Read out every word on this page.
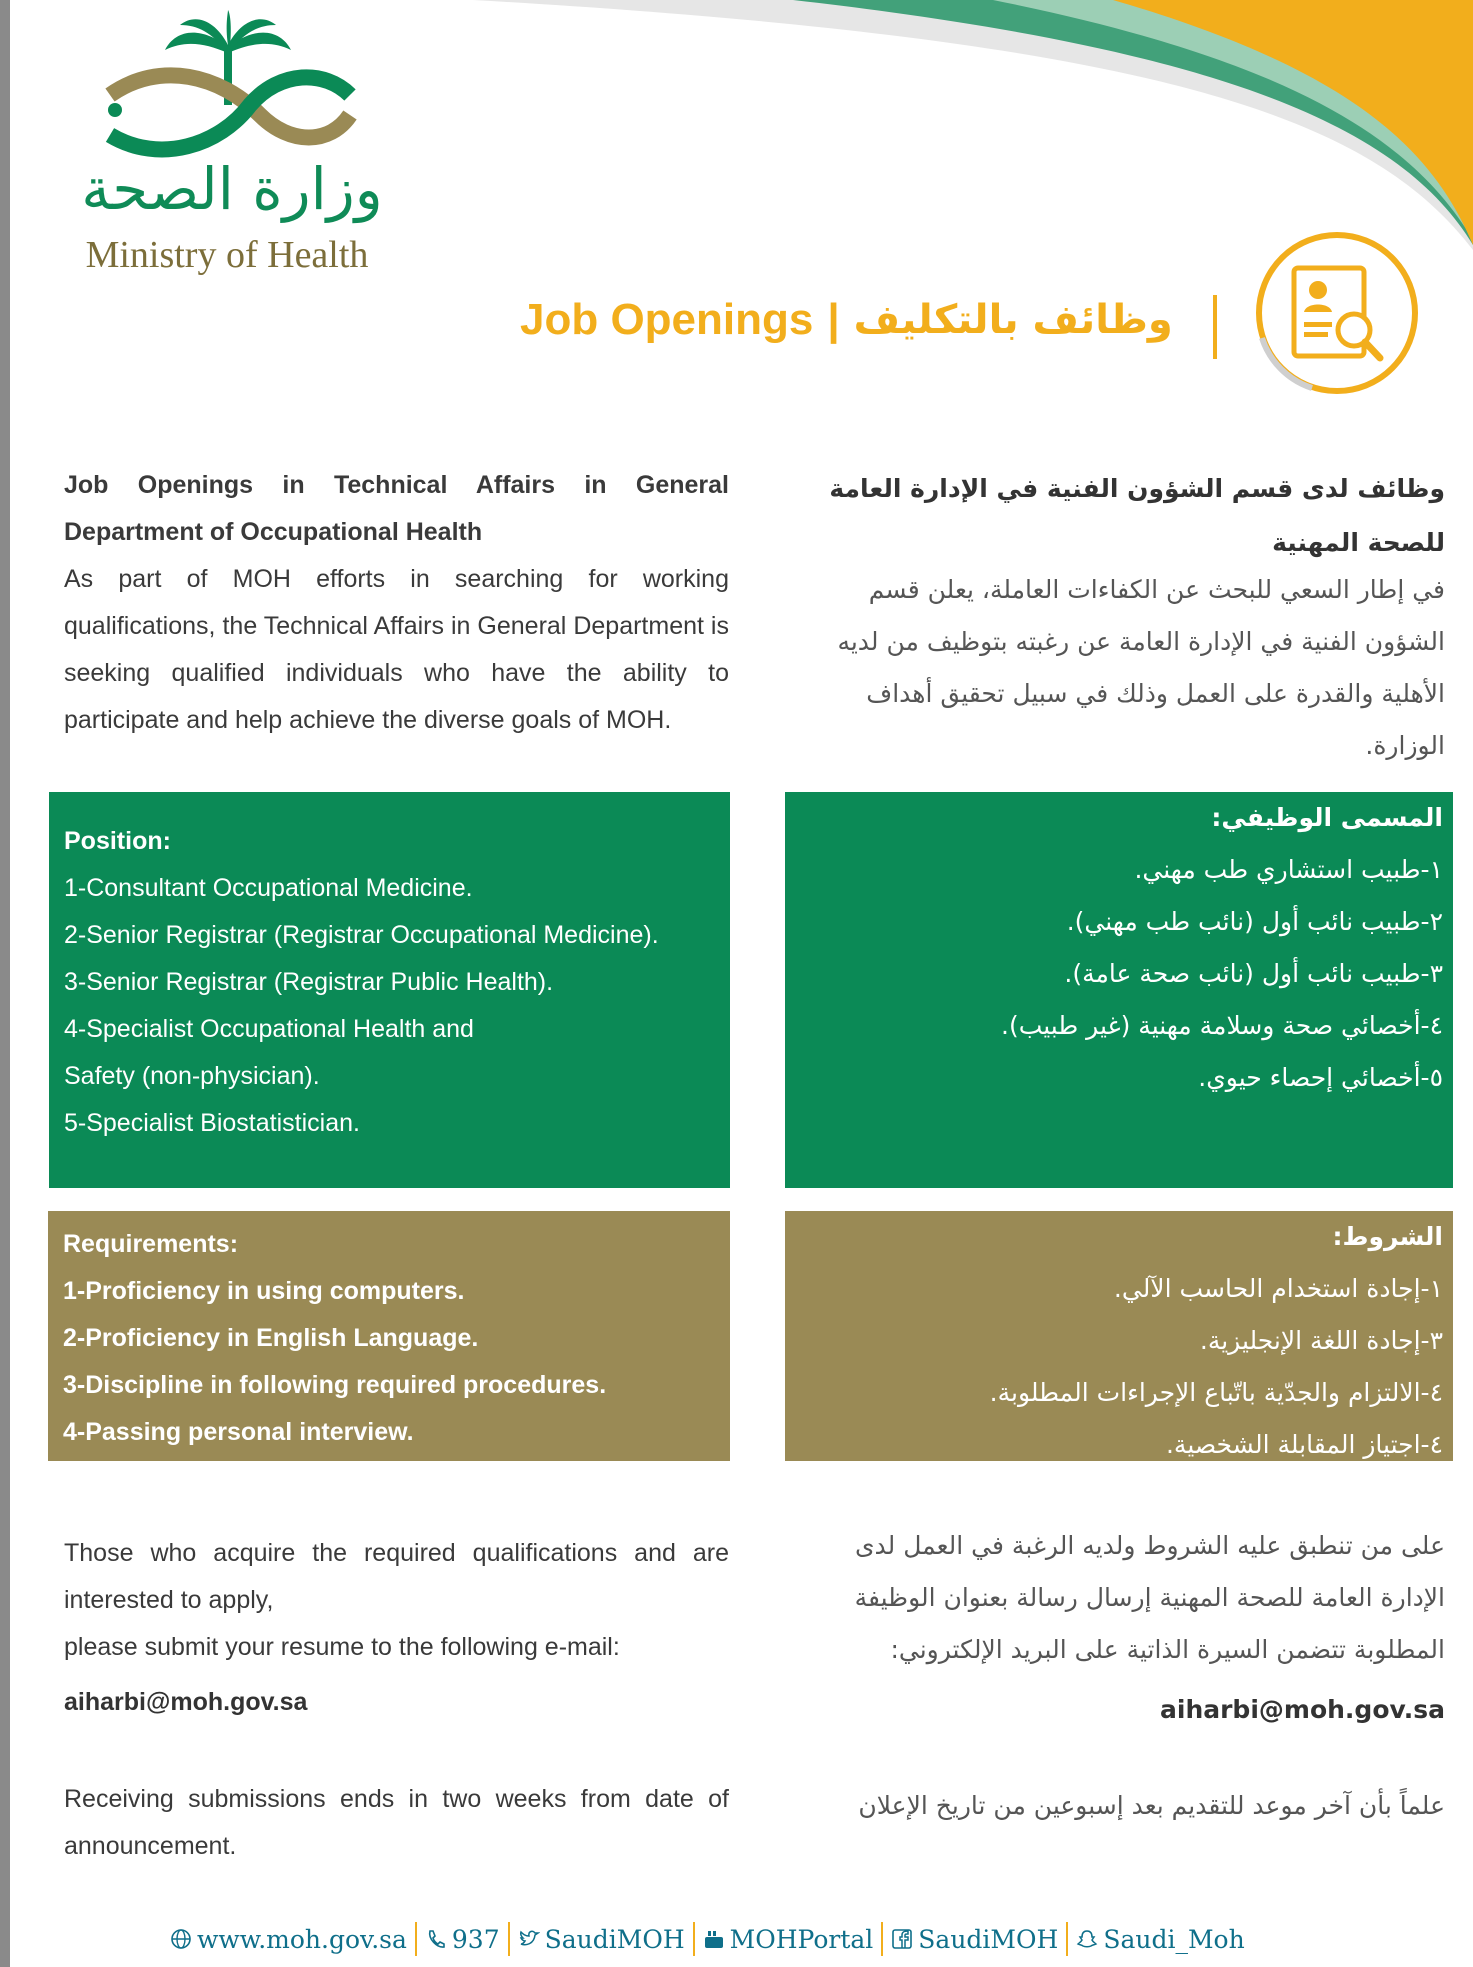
وزارة الصحة
Ministry of Health
Job Openings | وظائف بالتكليف
Job Openings in Technical Affairs in General Department of Occupational Health
As part of MOH efforts in searching for working qualifications, the Technical Affairs in General Department is seeking qualified individuals who have the ability to participate and help achieve the diverse goals of MOH.
وظائف لدى قسم الشؤون الفنية في الإدارة العامة للصحة المهنية
في إطار السعي للبحث عن الكفاءات العاملة، يعلن قسم الشؤون الفنية في الإدارة العامة عن رغبته بتوظيف من لديه الأهلية والقدرة على العمل وذلك في سبيل تحقيق أهداف الوزارة.
Position:
1-Consultant Occupational Medicine.
2-Senior Registrar (Registrar Occupational Medicine).
3-Senior Registrar (Registrar Public Health).
4-Specialist Occupational Health and
Safety (non-physician).
5-Specialist Biostatistician.
المسمى الوظيفي:
١-طبيب استشاري طب مهني.
٢-طبيب نائب أول (نائب طب مهني).
٣-طبيب نائب أول (نائب صحة عامة).
٤-أخصائي صحة وسلامة مهنية (غير طبيب).
٥-أخصائي إحصاء حيوي.
Requirements:
1-Proficiency in using computers.
2-Proficiency in English Language.
3-Discipline in following required procedures.
4-Passing personal interview.
الشروط:
١-إجادة استخدام الحاسب الآلي.
٣-إجادة اللغة الإنجليزية.
٤-الالتزام والجدّية باتّباع الإجراءات المطلوبة.
٤-اجتياز المقابلة الشخصية.
Those who acquire the required qualifications and are interested to apply,
please submit your resume to the following e-mail:
aiharbi@moh.gov.sa
على من تنطبق عليه الشروط ولديه الرغبة في العمل لدى الإدارة العامة للصحة المهنية إرسال رسالة بعنوان الوظيفة المطلوبة تتضمن السيرة الذاتية على البريد الإلكتروني:
aiharbi@moh.gov.sa
Receiving submissions ends in two weeks from date of announcement.
علماً بأن آخر موعد للتقديم بعد إسبوعين من تاريخ الإعلان
www.moh.gov.sa 937 SaudiMOH MOHPortal SaudiMOH Saudi_Moh
